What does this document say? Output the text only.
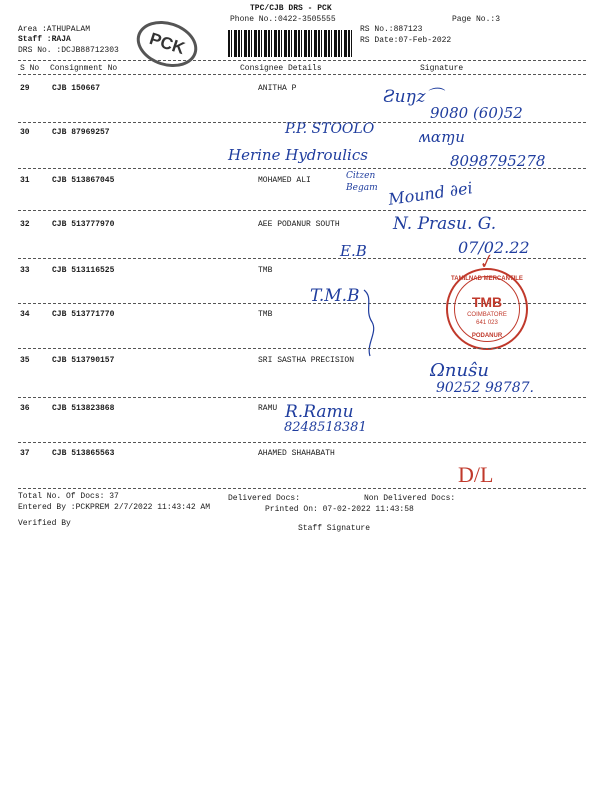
TPC/CJB DRS - PCK
Phone No.:0422-3505555
Area :ATHUPALAM
Staff :RAJA
DRS No. :DCJB88712303
RS No.:887123
RS Date:07-Feb-2022
Page No.:3
PCK
S No Consignment No	Consignee Details	Signature
29	CJB 150667	ANITHA P	Ƨuŋz⌒
9080 (60)52
30	CJB 87969257	P.P. STOOLO
Herine Hydroulics
ʍɑɱu
8098795278
31	CJB 513867045	MOHAMED ALI	Citzen Begam Mound ∂ei
32	CJB 513777970	AEE PODANUR SOUTH	N. Prasu. G.
E.B	07/02.22
33	CJB 513116525	TMB
T.M.B
34	CJB 513771770	TMB
TAMILNAD MERCANTILE
TMB
COIMBATORE
641 023
PODANUR
✓
35	CJB 513790157	SRI SASTHA PRECISION	Ωnuŝu
90252 98787.
36	CJB 513823868	RAMU R.Ramu
8248518381
37	CJB 513865563	AHAMED SHAHABATH
D/L
Total No. Of Docs: 37	Delivered Docs:	Non Delivered Docs:
Entered By :PCKPREM 2/7/2022 11:43:42 AM	Printed On: 07-02-2022 11:43:58
Verified By
Staff Signature
